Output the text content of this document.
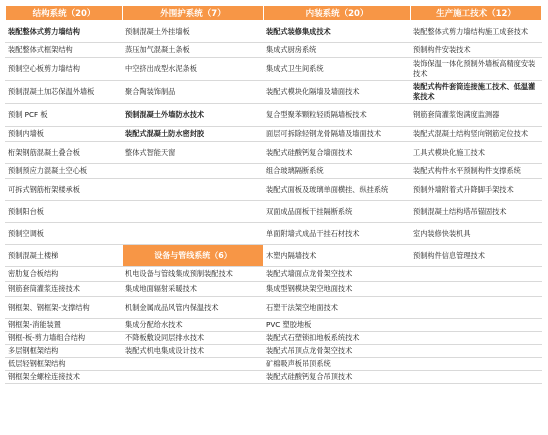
结构系统（20）	外围护系统（7）	内装系统（20）	生产施工技术（12）
装配整体式剪力墙结构	预制混凝土外挂墙板	装配式装修集成技术	装配整体式剪力墙结构施工成套技术
装配整体式框架结构	蒸压加气混凝土条板	集成式厨房系统	预制构件安装技术
预制空心板剪力墙结构	中空挤出成型水泥条板	集成式卫生间系统	装饰保温一体化预制外墙板高精度安装技术
预制混凝土加芯保温外墙板	聚合陶装饰制品	装配式模块化隔墙及墙面技术	装配式构件套筒连接施工技术、低温灌浆技术
预制 PCF 板	预制混凝土外墙防水技术	复合型聚苯颗粒轻质隔墙板技术	钢筋套筒灌浆饱满度监测器
预制内墙板	装配式混凝土防水密封胶	面层可拆除轻钢龙骨隔墙及墙面技术	装配式混凝土结构竖向钢筋定位技术
桁架钢筋混凝土叠合板	整体式智能天窗	装配式硅酸钙复合墙面技术	工具式模块化施工技术
预制预应力混凝土空心板		组合玻璃隔断系统	装配式构件水平预制构件支撑系统
可拆式钢筋桁架楼承板		装配式面板及玻璃单面横挂、纵挂系统	预制外墙附着式升降脚手架技术
预制阳台板		双面成品面板干挂隔断系统	预制混凝土结构塔吊锚固技术
预制空调板		单面附墙式成品干挂石材技术	室内装修快装机具
预制混凝土楼梯	设备与管线系统（6）	木塑内隔墙技术	预制构件信息管理技术
密肋复合板结构	机电设备与管线集成预制装配技术	装配式墙面点龙骨架空技术	
钢筋套筒灌浆连接技术	集成地面辐射采暖技术	集成型钢模块架空地面技术	
钢框架、钢框架-支撑结构	机制金属成品风管内保温技术	石塑干法架空地面技术	
钢框架-消能装置	集成分配给水技术	PVC 塑胶地板	
钢框-板-剪力墙组合结构	不降板敷设同层排水技术	装配式石塑锁扣地板系统技术	
多层钢框架结构	装配式机电集成设计技术	装配式吊顶点龙骨架空技术	
低层轻钢框架结构		矿棉吸声板吊顶系统	
钢框架全螺栓连接技术		装配式硅酸钙复合吊顶技术	
